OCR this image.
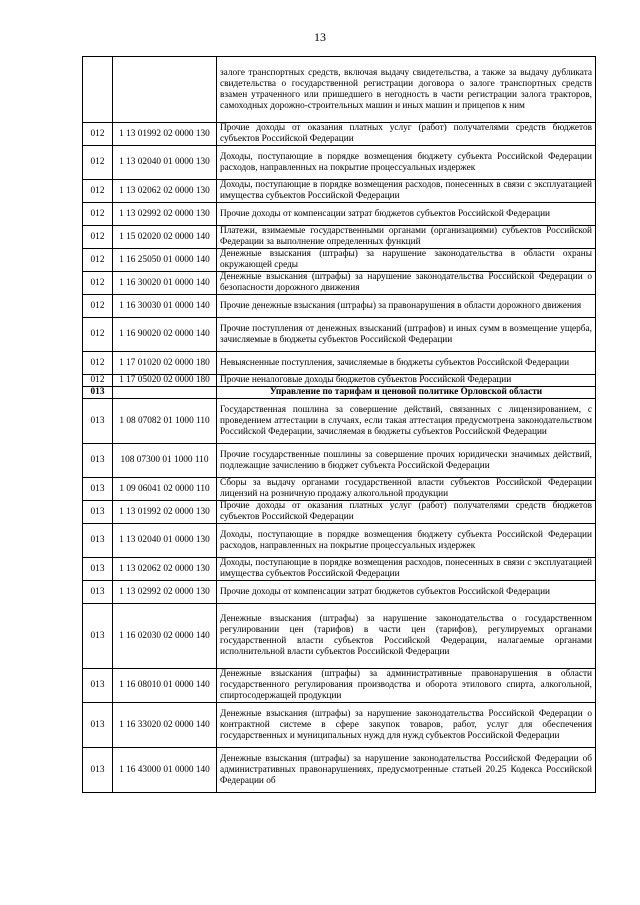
13
		залоге транспортных средств, включая выдачу свидетельства, а также за выдачу дубликата свидетельства о государственной регистрации договора о залоге транспортных средств взамен утраченного или пришедшего в негодность в части регистрации залога тракторов, самоходных дорожно-строительных машин и иных машин и прицепов к ним
012	1 13 01992 02 0000 130	Прочие доходы от оказания платных услуг (работ) получателями средств бюджетов субъектов Российской Федерации
012	1 13 02040 01 0000 130	Доходы, поступающие в порядке возмещения бюджету субъекта Российской Федерации расходов, направленных на покрытие процессуальных издержек
012	1 13 02062 02 0000 130	Доходы, поступающие в порядке возмещения расходов, понесенных в связи с эксплуатацией имущества субъектов Российской Федерации
012	1 13 02992 02 0000 130	Прочие доходы от компенсации затрат бюджетов субъектов Российской Федерации
012	1 15 02020 02 0000 140	Платежи, взимаемые государственными органами (организациями) субъектов Российской Федерации за выполнение определенных функций
012	1 16 25050 01 0000 140	Денежные взыскания (штрафы) за нарушение законодательства в области охраны окружающей среды
012	1 16 30020 01 0000 140	Денежные взыскания (штрафы) за нарушение законодательства Российской Федерации о безопасности дорожного движения
012	1 16 30030 01 0000 140	Прочие денежные взыскания (штрафы) за правонарушения в области дорожного движения
012	1 16 90020 02 0000 140	Прочие поступления от денежных взысканий (штрафов) и иных сумм в возмещение ущерба, зачисляемые в бюджеты субъектов Российской Федерации
012	1 17 01020 02 0000 180	Невыясненные поступления, зачисляемые в бюджеты субъектов Российской Федерации
012	1 17 05020 02 0000 180	Прочие неналоговые доходы бюджетов субъектов Российской Федерации
013		Управление по тарифам и ценовой политике Орловской области
013	1 08 07082 01 1000 110	Государственная пошлина за совершение действий, связанных с лицензированием, с проведением аттестации в случаях, если такая аттестация предусмотрена законодательством Российской Федерации, зачисляемая в бюджеты субъектов Российской Федерации
013	108 07300 01 1000 110	Прочие государственные пошлины за совершение прочих юридически значимых действий, подлежащие зачислению в бюджет субъекта Российской Федерации
013	1 09 06041 02 0000 110	Сборы за выдачу органами государственной власти субъектов Российской Федерации лицензий на розничную продажу алкогольной продукции
013	1 13 01992 02 0000 130	Прочие доходы от оказания платных услуг (работ) получателями средств бюджетов субъектов Российской Федерации
013	1 13 02040 01 0000 130	Доходы, поступающие в порядке возмещения бюджету субъекта Российской Федерации расходов, направленных на покрытие процессуальных издержек
013	1 13 02062 02 0000 130	Доходы, поступающие в порядке возмещения расходов, понесенных в связи с эксплуатацией имущества субъектов Российской Федерации
013	1 13 02992 02 0000 130	Прочие доходы от компенсации затрат бюджетов субъектов Российской Федерации
013	1 16 02030 02 0000 140	Денежные взыскания (штрафы) за нарушение законодательства о государственном регулировании цен (тарифов) в части цен (тарифов), регулируемых органами государственной власти субъектов Российской Федерации, налагаемые органами исполнительной власти субъектов Российской Федерации
013	1 16 08010 01 0000 140	Денежные взыскания (штрафы) за административные правонарушения в области государственного регулирования производства и оборота этилового спирта, алкогольной, спиртосодержащей продукции
013	1 16 33020 02 0000 140	Денежные взыскания (штрафы) за нарушение законодательства Российской Федерации о контрактной системе в сфере закупок товаров, работ, услуг для обеспечения государственных и муниципальных нужд для нужд субъектов Российской Федерации
013	1 16 43000 01 0000 140	Денежные взыскания (штрафы) за нарушение законодательства Российской Федерации об административных правонарушениях, предусмотренные статьей 20.25 Кодекса Российской Федерации об
